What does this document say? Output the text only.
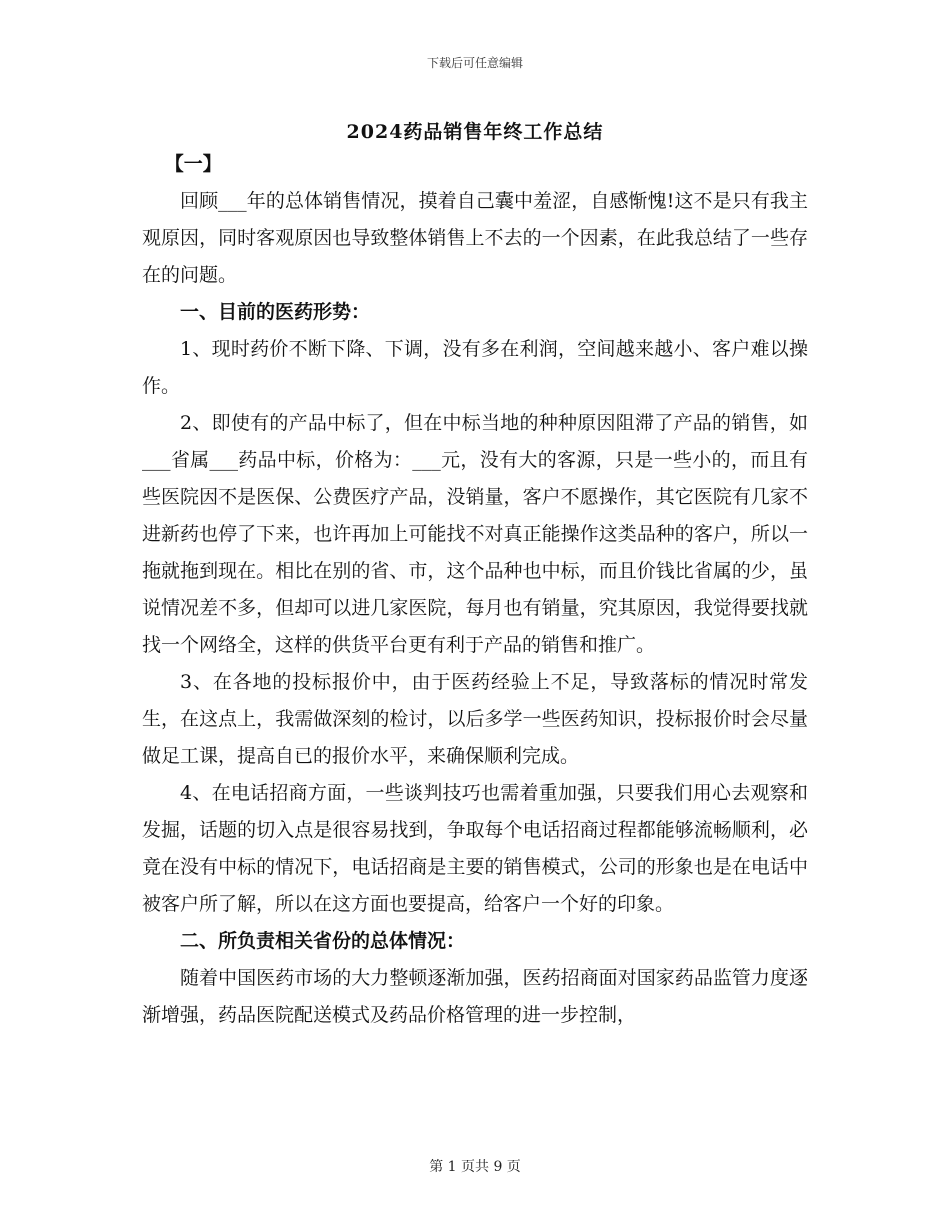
下载后可任意编辑
2024药品销售年终工作总结

【一】

回顾___年的总体销售情况，摸着自己囊中羞涩，自感惭愧!这不是只有我主观原因，同时客观原因也导致整体销售上不去的一个因素，在此我总结了一些存在的问题。

一、目前的医药形势：

1、现时药价不断下降、下调，没有多在利润，空间越来越小、客户难以操作。

2、即使有的产品中标了，但在中标当地的种种原因阻滞了产品的销售，如___省属___药品中标，价格为：___元，没有大的客源，只是一些小的，而且有些医院因不是医保、公费医疗产品，没销量，客户不愿操作，其它医院有几家不进新药也停了下来，也许再加上可能找不对真正能操作这类品种的客户，所以一拖就拖到现在。相比在别的省、市，这个品种也中标，而且价钱比省属的少，虽说情况差不多，但却可以进几家医院，每月也有销量，究其原因，我觉得要找就找一个网络全，这样的供货平台更有利于产品的销售和推广。

3、在各地的投标报价中，由于医药经验上不足，导致落标的情况时常发生，在这点上，我需做深刻的检讨，以后多学一些医药知识，投标报价时会尽量做足工课，提高自已的报价水平，来确保顺利完成。

4、在电话招商方面，一些谈判技巧也需着重加强，只要我们用心去观察和发掘，话题的切入点是很容易找到，争取每个电话招商过程都能够流畅顺利，必竟在没有中标的情况下，电话招商是主要的销售模式，公司的形象也是在电话中被客户所了解，所以在这方面也要提高，给客户一个好的印象。

二、所负责相关省份的总体情况：

随着中国医药市场的大力整顿逐渐加强，医药招商面对国家药品监管力度逐渐增强，药品医院配送模式及药品价格管理的进一步控制，

第 1 页共 9 页
